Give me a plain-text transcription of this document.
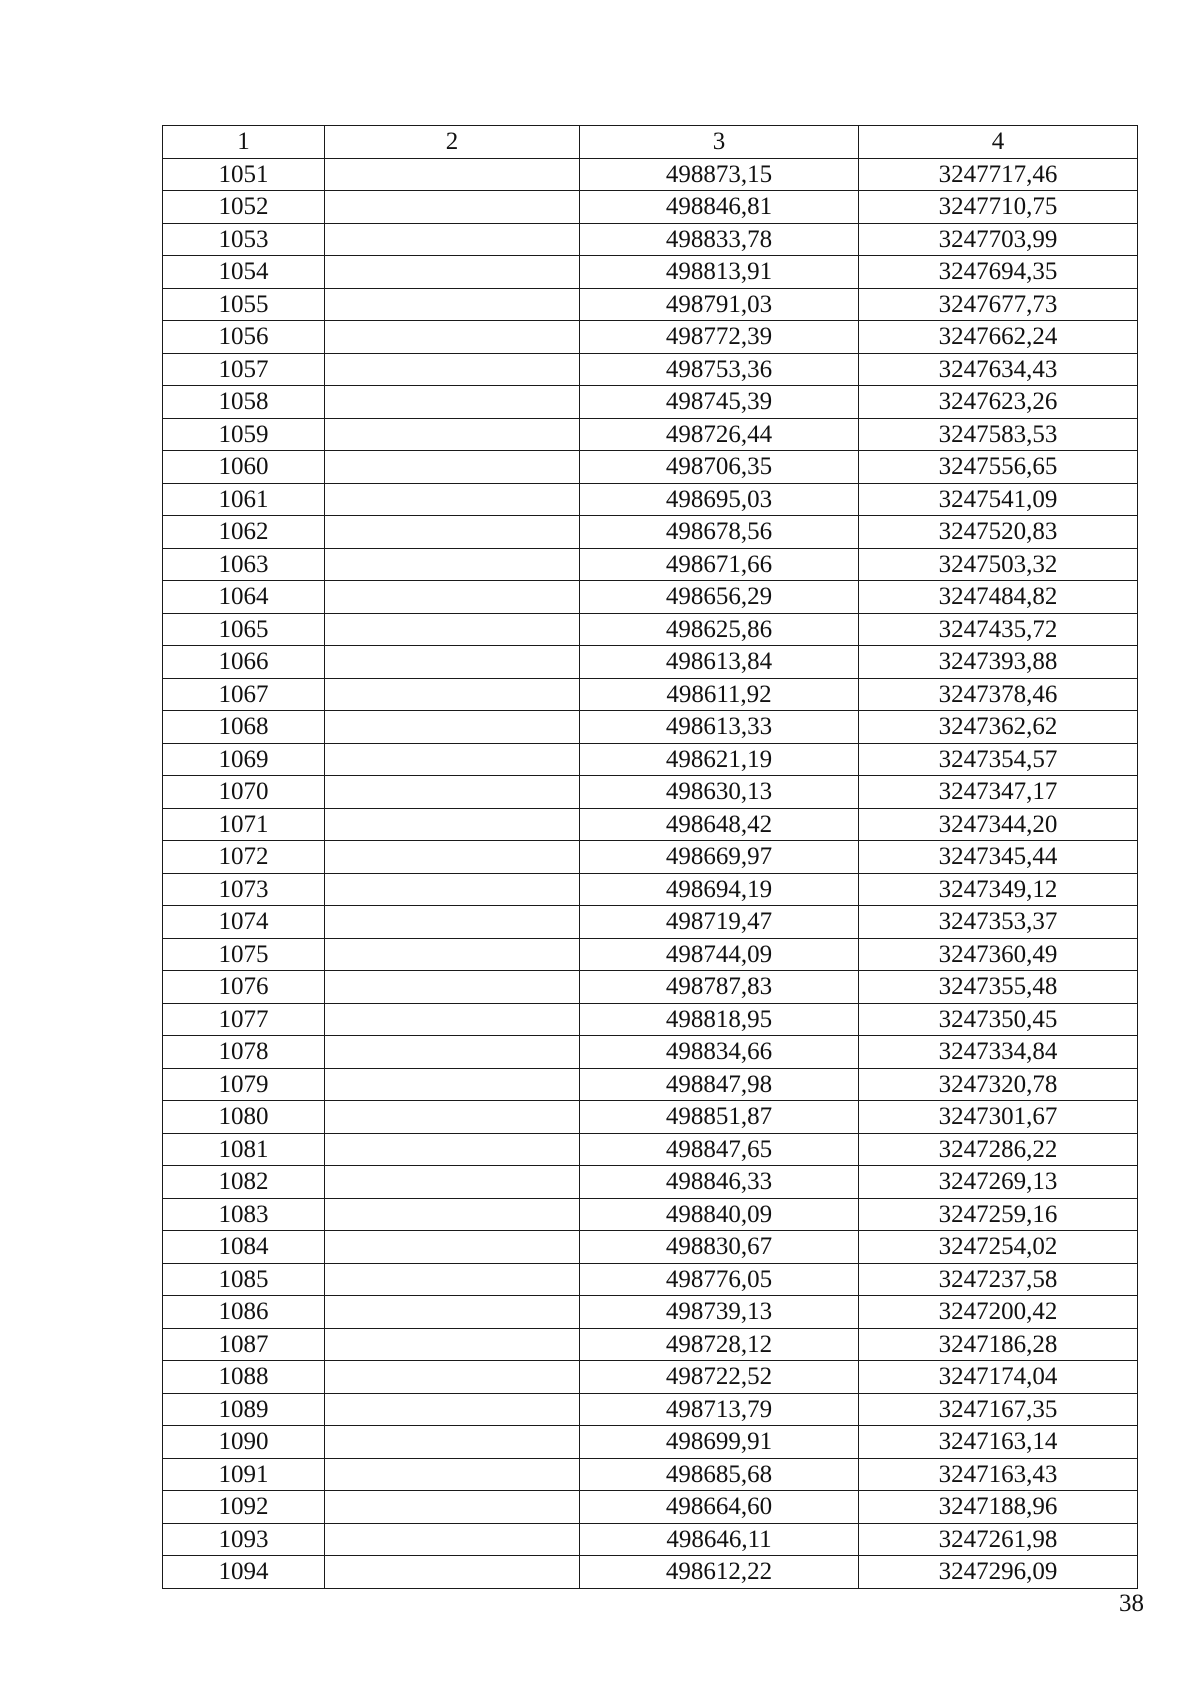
1	2	3	4
1051		498873,15	3247717,46
1052		498846,81	3247710,75
1053		498833,78	3247703,99
1054		498813,91	3247694,35
1055		498791,03	3247677,73
1056		498772,39	3247662,24
1057		498753,36	3247634,43
1058		498745,39	3247623,26
1059		498726,44	3247583,53
1060		498706,35	3247556,65
1061		498695,03	3247541,09
1062		498678,56	3247520,83
1063		498671,66	3247503,32
1064		498656,29	3247484,82
1065		498625,86	3247435,72
1066		498613,84	3247393,88
1067		498611,92	3247378,46
1068		498613,33	3247362,62
1069		498621,19	3247354,57
1070		498630,13	3247347,17
1071		498648,42	3247344,20
1072		498669,97	3247345,44
1073		498694,19	3247349,12
1074		498719,47	3247353,37
1075		498744,09	3247360,49
1076		498787,83	3247355,48
1077		498818,95	3247350,45
1078		498834,66	3247334,84
1079		498847,98	3247320,78
1080		498851,87	3247301,67
1081		498847,65	3247286,22
1082		498846,33	3247269,13
1083		498840,09	3247259,16
1084		498830,67	3247254,02
1085		498776,05	3247237,58
1086		498739,13	3247200,42
1087		498728,12	3247186,28
1088		498722,52	3247174,04
1089		498713,79	3247167,35
1090		498699,91	3247163,14
1091		498685,68	3247163,43
1092		498664,60	3247188,96
1093		498646,11	3247261,98
1094		498612,22	3247296,09
38
